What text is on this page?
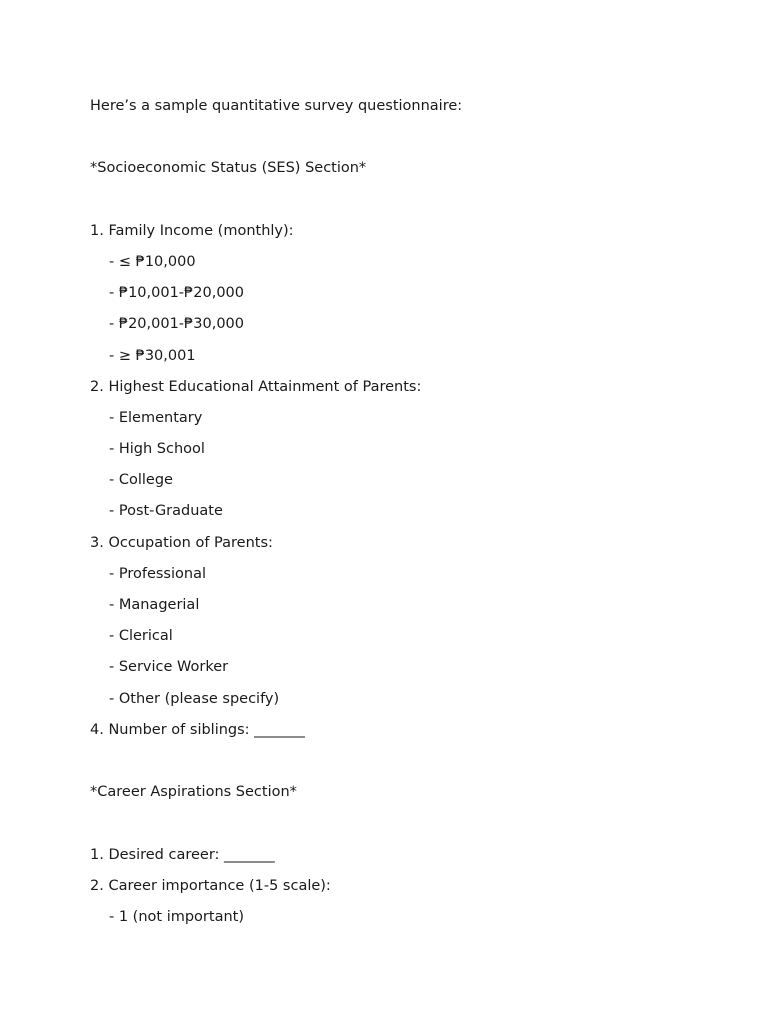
Here’s a sample quantitative survey questionnaire:
*Socioeconomic Status (SES) Section*
1. Family Income (monthly):
- ≤ ₱10,000
- ₱10,001-₱20,000
- ₱20,001-₱30,000
- ≥ ₱30,001
2. Highest Educational Attainment of Parents:
- Elementary
- High School
- College
- Post-Graduate
3. Occupation of Parents:
- Professional
- Managerial
- Clerical
- Service Worker
- Other (please specify)
4. Number of siblings: _______
*Career Aspirations Section*
1. Desired career: _______
2. Career importance (1-5 scale):
- 1 (not important)
